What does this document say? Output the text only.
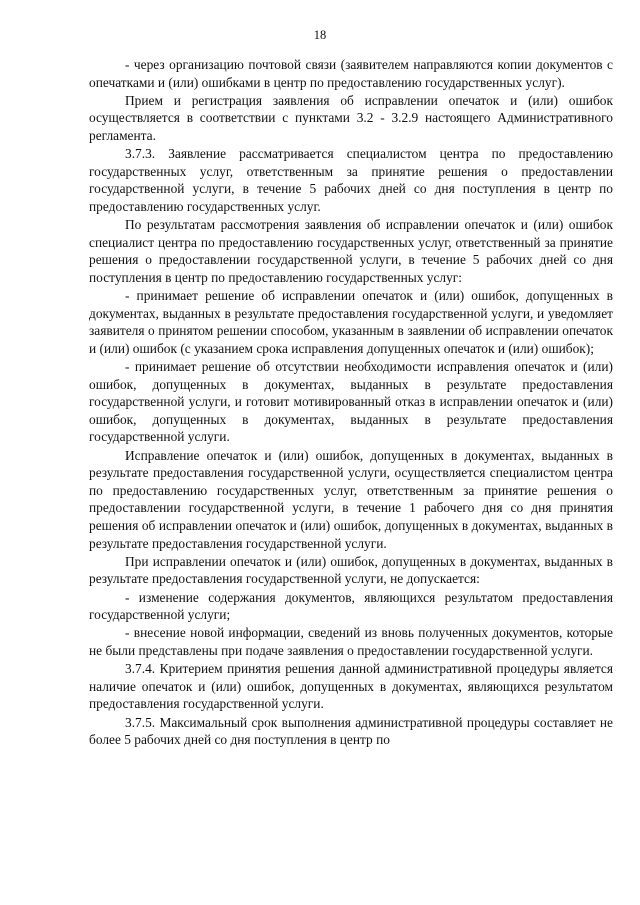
18

- через организацию почтовой связи (заявителем направляются копии документов с опечатками и (или) ошибками в центр по предоставлению государственных услуг).

Прием и регистрация заявления об исправлении опечаток и (или) ошибок осуществляется в соответствии с пунктами 3.2 - 3.2.9 настоящего Административного регламента.

3.7.3. Заявление рассматривается специалистом центра по предоставлению государственных услуг, ответственным за принятие решения о предоставлении государственной услуги, в течение 5 рабочих дней со дня поступления в центр по предоставлению государственных услуг.

По результатам рассмотрения заявления об исправлении опечаток и (или) ошибок специалист центра по предоставлению государственных услуг, ответственный за принятие решения о предоставлении государственной услуги, в течение 5 рабочих дней со дня поступления в центр по предоставлению государственных услуг:

- принимает решение об исправлении опечаток и (или) ошибок, допущенных в документах, выданных в результате предоставления государственной услуги, и уведомляет заявителя о принятом решении способом, указанным в заявлении об исправлении опечаток и (или) ошибок (с указанием срока исправления допущенных опечаток и (или) ошибок);

- принимает решение об отсутствии необходимости исправления опечаток и (или) ошибок, допущенных в документах, выданных в результате предоставления государственной услуги, и готовит мотивированный отказ в исправлении опечаток и (или) ошибок, допущенных в документах, выданных в результате предоставления государственной услуги.

Исправление опечаток и (или) ошибок, допущенных в документах, выданных в результате предоставления государственной услуги, осуществляется специалистом центра по предоставлению государственных услуг, ответственным за принятие решения о предоставлении государственной услуги, в течение 1 рабочего дня со дня принятия решения об исправлении опечаток и (или) ошибок, допущенных в документах, выданных в результате предоставления государственной услуги.

При исправлении опечаток и (или) ошибок, допущенных в документах, выданных в результате предоставления государственной услуги, не допускается:

- изменение содержания документов, являющихся результатом предоставления государственной услуги;

- внесение новой информации, сведений из вновь полученных документов, которые не были представлены при подаче заявления о предоставлении государственной услуги.

3.7.4. Критерием принятия решения данной административной процедуры является наличие опечаток и (или) ошибок, допущенных в документах, являющихся результатом предоставления государственной услуги.

3.7.5. Максимальный срок выполнения административной процедуры составляет не более 5 рабочих дней со дня поступления в центр по
